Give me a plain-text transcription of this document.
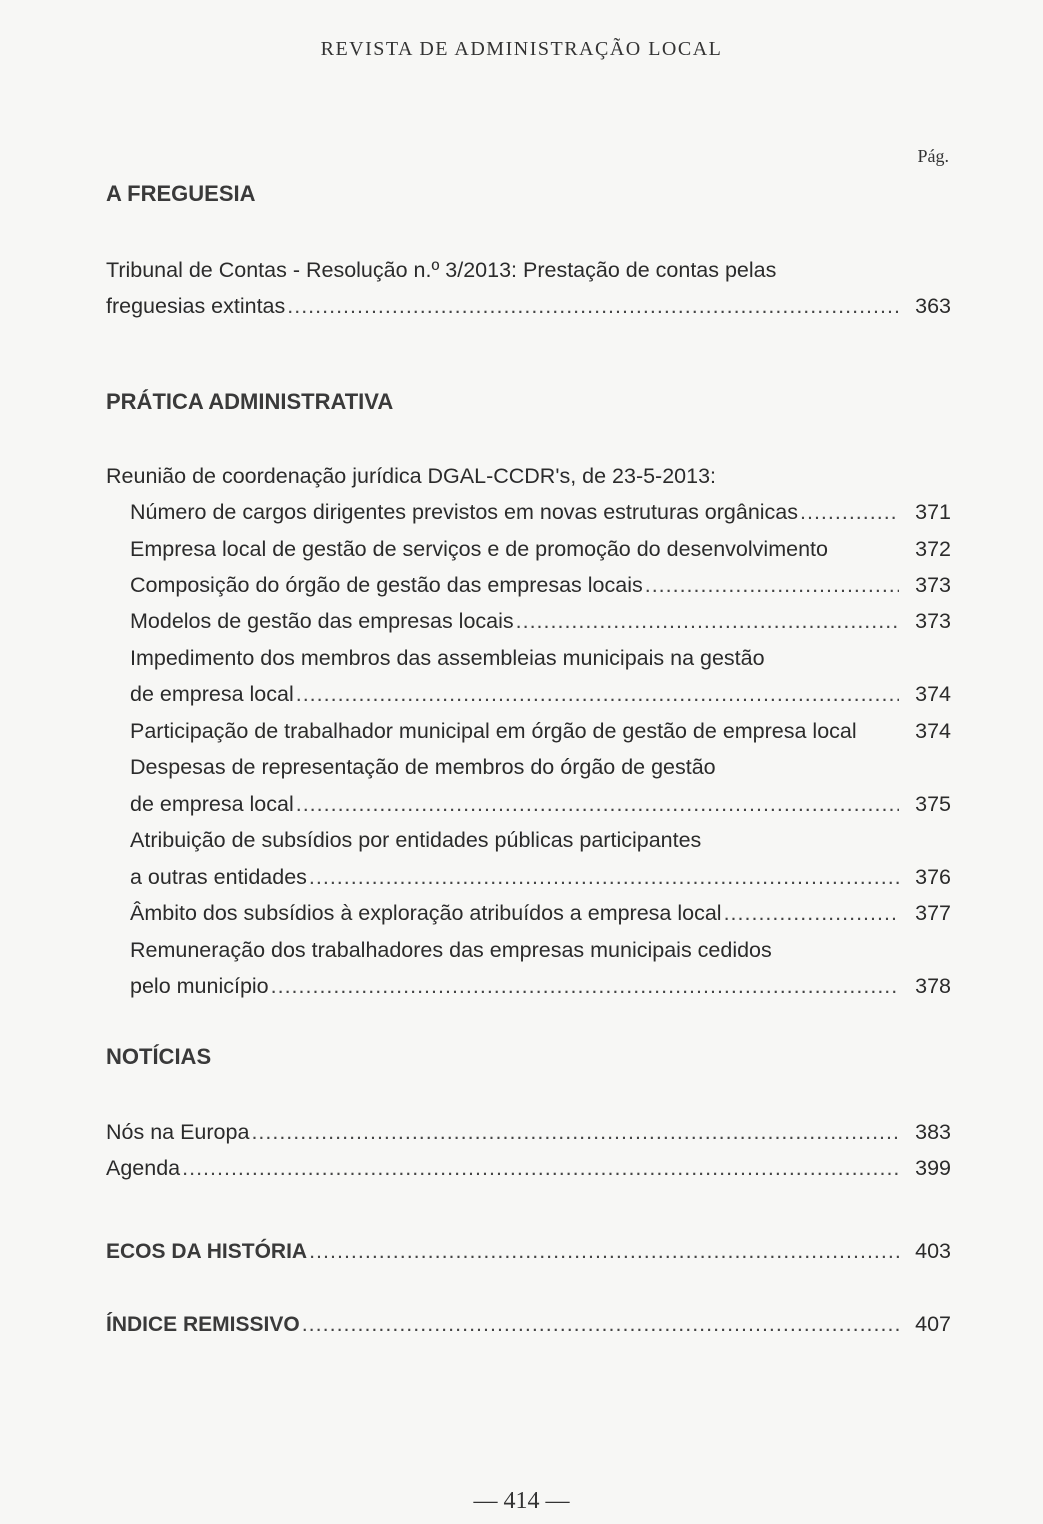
REVISTA DE ADMINISTRAÇÃO LOCAL
Pág.
A FREGUESIA
Tribunal de Contas - Resolução n.º 3/2013: Prestação de contas pelas
freguesias extintas .....	363
PRÁTICA ADMINISTRATIVA
Reunião de coordenação jurídica DGAL-CCDR's, de 23-5-2013:
Número de cargos dirigentes previstos em novas estruturas orgânicas .....	371
Empresa local de gestão de serviços e de promoção do desenvolvimento	372
Composição do órgão de gestão das empresas locais .....	373
Modelos de gestão das empresas locais .....	373
Impedimento dos membros das assembleias municipais na gestão
de empresa local .....	374
Participação de trabalhador municipal em órgão de gestão de empresa local	374
Despesas de representação de membros do órgão de gestão
de empresa local .....	375
Atribuição de subsídios por entidades públicas participantes
a outras entidades .....	376
Âmbito dos subsídios à exploração atribuídos a empresa local .....	377
Remuneração dos trabalhadores das empresas municipais cedidos
pelo município .....	378
NOTÍCIAS
Nós na Europa .....	383
Agenda .....	399
ECOS DA HISTÓRIA .....	403
ÍNDICE REMISSIVO .....	407
— 414 —
